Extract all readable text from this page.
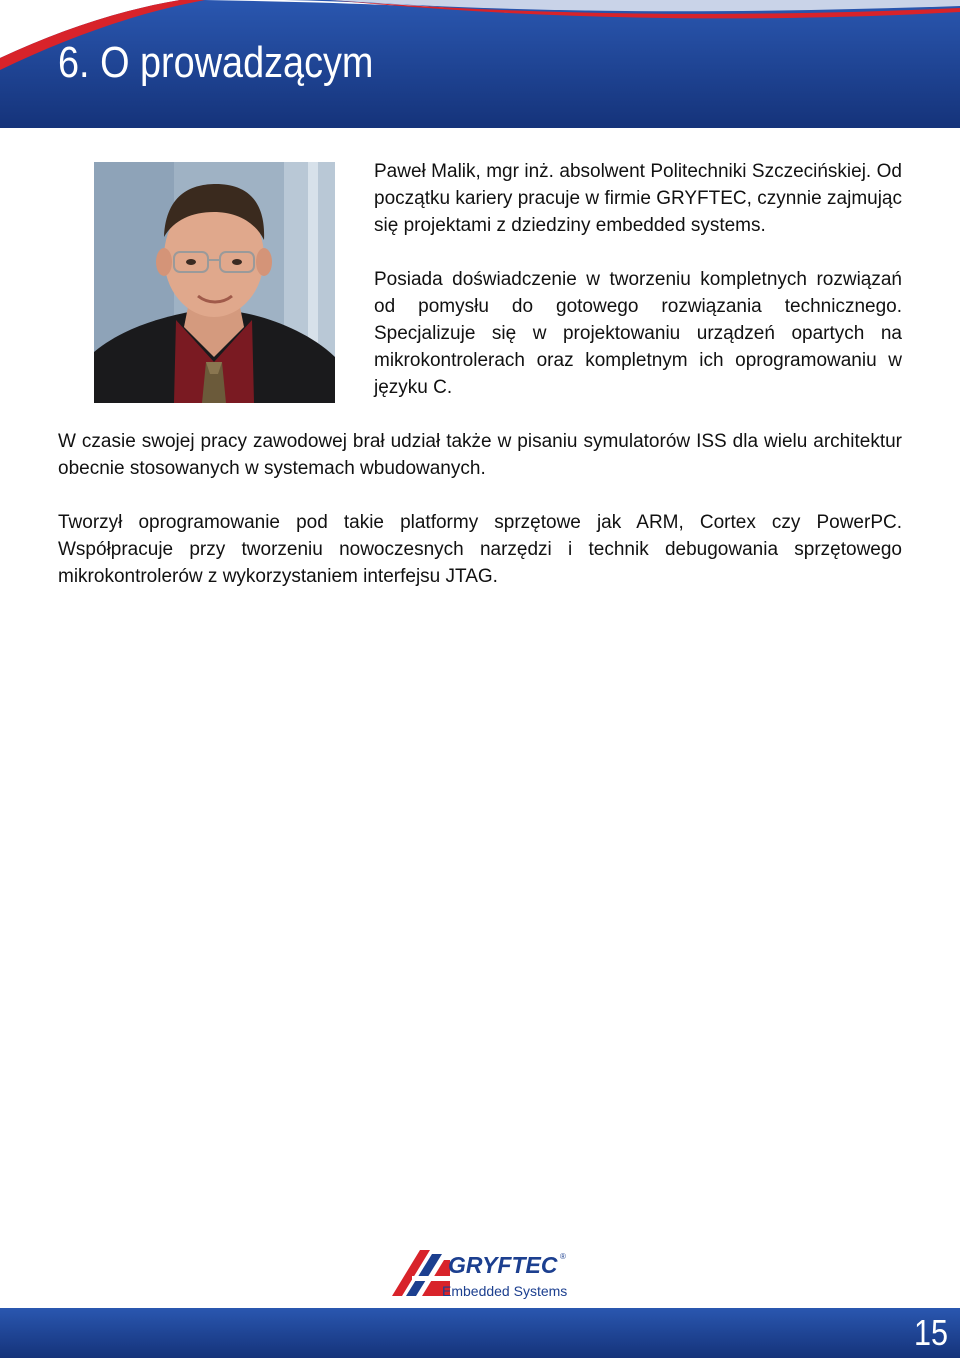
6. O prowadzącym

Paweł Malik, mgr inż. absolwent Politechniki Szczecińskiej. Od początku kariery pracuje w firmie GRYFTEC, czynnie zajmując się projektami z dziedziny embedded systems.

Posiada doświadczenie w tworzeniu kompletnych rozwiązań od pomysłu do gotowego rozwiązania technicznego. Specjalizuje się w projektowaniu urządzeń opartych na mikrokontrolerach oraz kompletnym ich oprogramowaniu w języku C.

W czasie swojej pracy zawodowej brał udział także w pisaniu symulatorów ISS dla wielu architektur obecnie stosowanych w systemach wbudowanych.

Tworzył oprogramowanie pod takie platformy sprzętowe jak ARM, Cortex czy PowerPC. Współpracuje przy tworzeniu nowoczesnych narzędzi i technik debugowania sprzętowego mikrokontrolerów z wykorzystaniem interfejsu JTAG.

GRYFTEC ®
Embedded Systems
15
